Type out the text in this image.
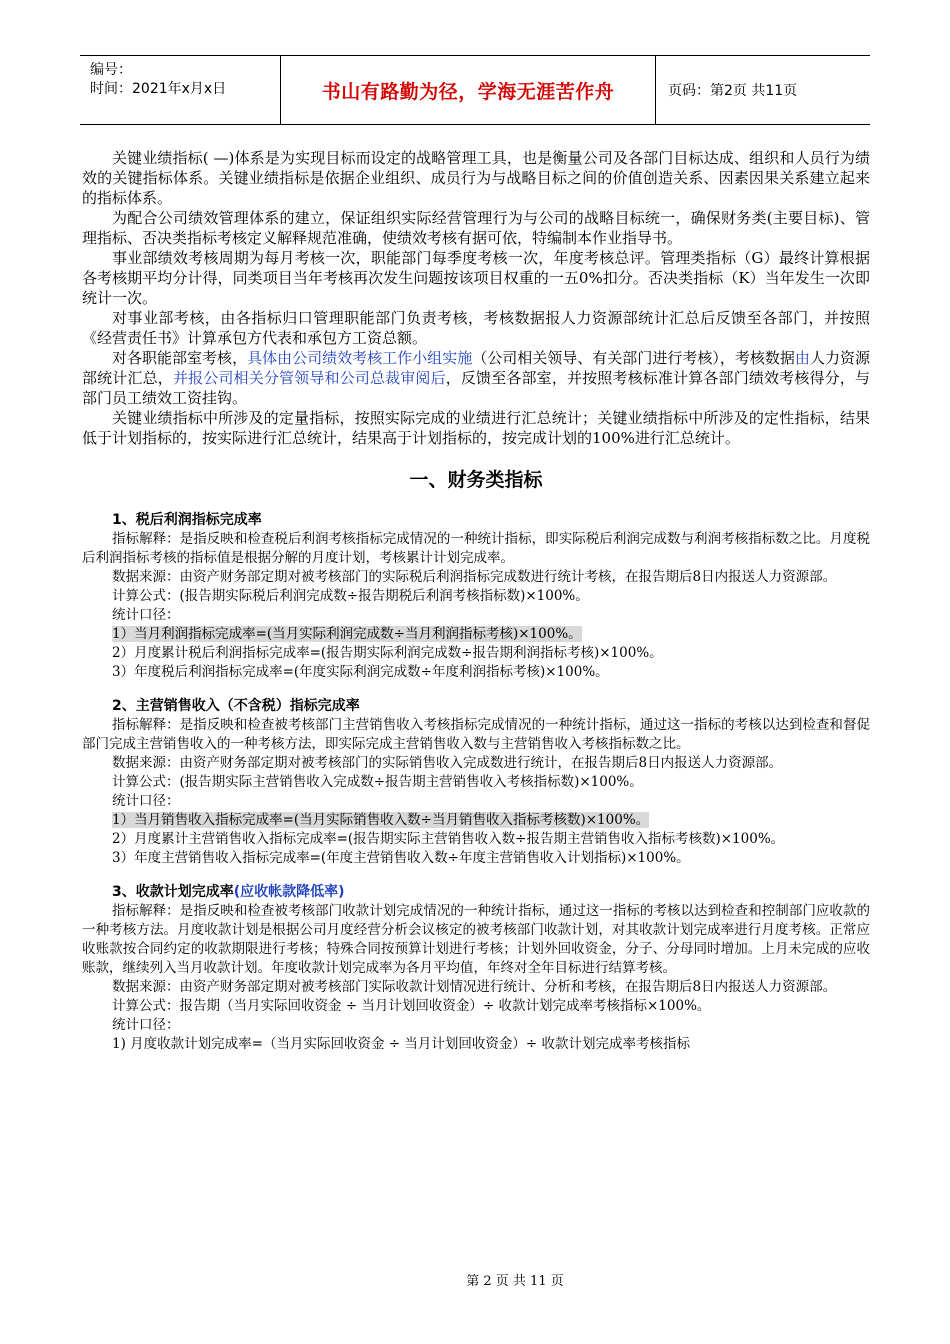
编号：
时间：2021年x月x日	书山有路勤为径，学海无涯苦作舟	页码：第2页 共11页

关键业绩指标( —)体系是为实现目标而设定的战略管理工具，也是衡量公司及各部门目标达成、组织和人员行为绩效的关键指标体系。关键业绩指标是依据企业组织、成员行为与战略目标之间的价值创造关系、因素因果关系建立起来的指标体系。

为配合公司绩效管理体系的建立，保证组织实际经营管理行为与公司的战略目标统一，确保财务类(主要目标)、管理指标、否决类指标考核定义解释规范准确，使绩效考核有据可依，特编制本作业指导书。

事业部绩效考核周期为每月考核一次，职能部门每季度考核一次，年度考核总评。管理类指标（G）最终计算根据各考核期平均分计得，同类项目当年考核再次发生问题按该项目权重的一五0%扣分。否决类指标（K）当年发生一次即统计一次。

对事业部考核，由各指标归口管理职能部门负责考核，考核数据报人力资源部统计汇总后反馈至各部门，并按照《经营责任书》计算承包方代表和承包方工资总额。

对各职能部室考核，具体由公司绩效考核工作小组实施（公司相关领导、有关部门进行考核），考核数据由人力资源部统计汇总，并报公司相关分管领导和公司总裁审阅后，反馈至各部室，并按照考核标准计算各部门绩效考核得分，与部门员工绩效工资挂钩。

关键业绩指标中所涉及的定量指标，按照实际完成的业绩进行汇总统计；关键业绩指标中所涉及的定性指标，结果低于计划指标的，按实际进行汇总统计，结果高于计划指标的，按完成计划的100%进行汇总统计。

一、财务类指标

1、税后利润指标完成率

指标解释：是指反映和检查税后利润考核指标完成情况的一种统计指标，即实际税后利润完成数与利润考核指标数之比。月度税后利润指标考核的指标值是根据分解的月度计划，考核累计计划完成率。

数据来源：由资产财务部定期对被考核部门的实际税后利润指标完成数进行统计考核，在报告期后8日内报送人力资源部。

计算公式：(报告期实际税后利润完成数÷报告期税后利润考核指标数)×100%。

统计口径：

1）当月利润指标完成率=(当月实际利润完成数÷当月利润指标考核)×100%。

2）月度累计税后利润指标完成率=(报告期实际利润完成数÷报告期利润指标考核)×100%。

3）年度税后利润指标完成率=(年度实际利润完成数÷年度利润指标考核)×100%。

2、主营销售收入（不含税）指标完成率

指标解释：是指反映和检查被考核部门主营销售收入考核指标完成情况的一种统计指标，通过这一指标的考核以达到检查和督促部门完成主营销售收入的一种考核方法，即实际完成主营销售收入数与主营销售收入考核指标数之比。

数据来源：由资产财务部定期对被考核部门的实际销售收入完成数进行统计，在报告期后8日内报送人力资源部。

计算公式：(报告期实际主营销售收入完成数÷报告期主营销售收入考核指标数)×100%。

统计口径：

1）当月销售收入指标完成率=(当月实际销售收入数÷当月销售收入指标考核数)×100%。

2）月度累计主营销售收入指标完成率=(报告期实际主营销售收入数÷报告期主营销售收入指标考核数)×100%。

3）年度主营销售收入指标完成率=(年度主营销售收入数÷年度主营销售收入计划指标)×100%。

3、收款计划完成率(应收帐款降低率)

指标解释：是指反映和检查被考核部门收款计划完成情况的一种统计指标，通过这一指标的考核以达到检查和控制部门应收款的一种考核方法。月度收款计划是根据公司月度经营分析会议核定的被考核部门收款计划，对其收款计划完成率进行月度考核。正常应收账款按合同约定的收款期限进行考核；特殊合同按预算计划进行考核；计划外回收资金，分子、分母同时增加。上月未完成的应收账款，继续列入当月收款计划。年度收款计划完成率为各月平均值，年终对全年目标进行结算考核。

数据来源：由资产财务部定期对被考核部门实际收款计划情况进行统计、分析和考核，在报告期后8日内报送人力资源部。

计算公式：报告期（当月实际回收资金 ÷ 当月计划回收资金）÷ 收款计划完成率考核指标×100%。

统计口径：

1) 月度收款计划完成率=（当月实际回收资金 ÷ 当月计划回收资金）÷ 收款计划完成率考核指标

第 2 页 共 11 页
